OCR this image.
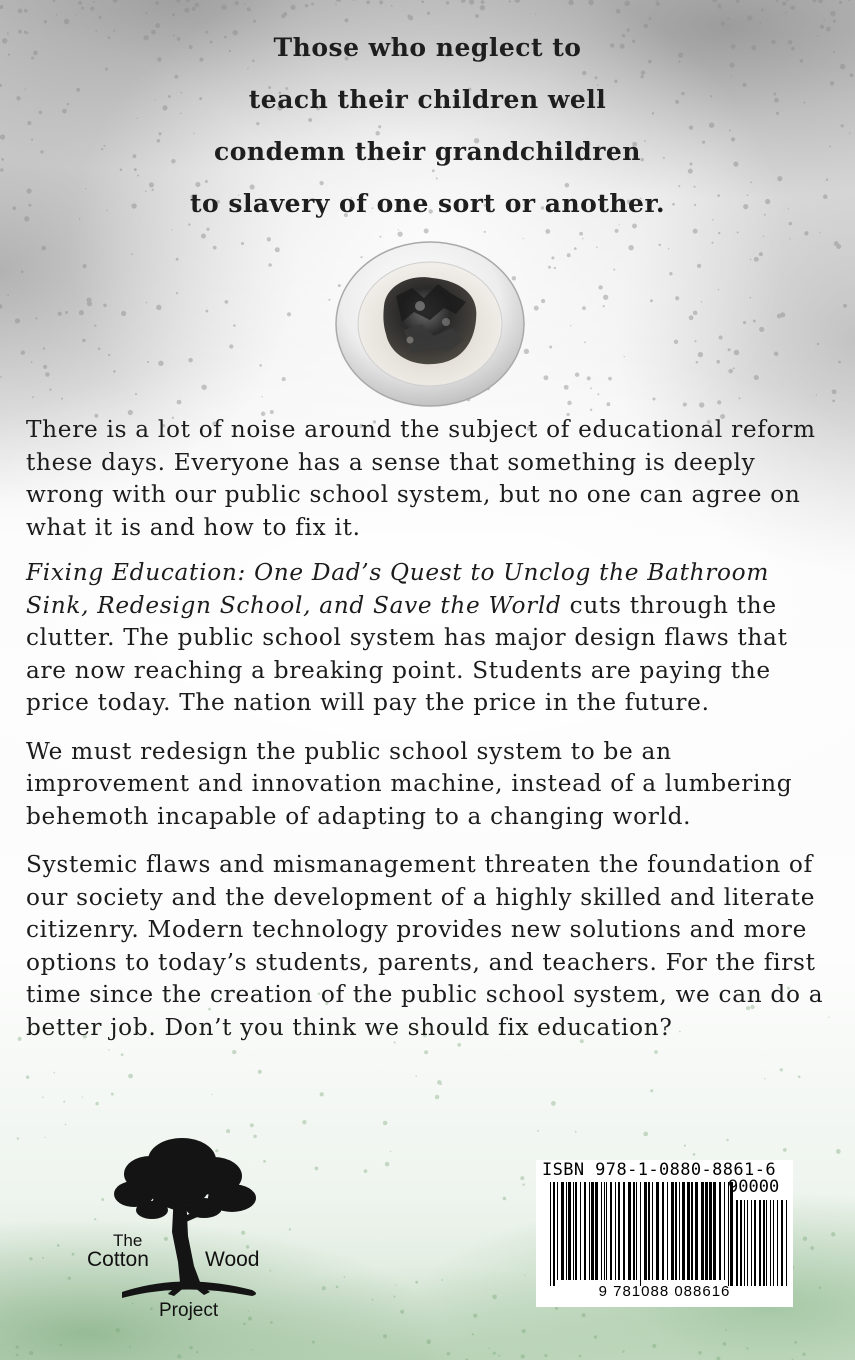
Those who neglect to
teach their children well
condemn their grandchildren
to slavery of one sort or another.

There is a lot of noise around the subject of educational reform these days. Everyone has a sense that something is deeply wrong with our public school system, but no one can agree on what it is and how to fix it.

Fixing Education: One Dad’s Quest to Unclog the Bathroom Sink, Redesign School, and Save the World cuts through the clutter. The public school system has major design flaws that are now reaching a breaking point. Students are paying the price today. The nation will pay the price in the future.

We must redesign the public school system to be an improvement and innovation machine, instead of a lumbering behemoth incapable of adapting to a changing world.

Systemic flaws and mismanagement threaten the foundation of our society and the development of a highly skilled and literate citizenry. Modern technology provides new solutions and more options to today’s students, parents, and teachers. For the first time since the creation of the public school system, we can do a better job. Don’t you think we should fix education?

The
Cotton	Wood
Project
ISBN 978-1-0880-8861-6
90000
9 781088 088616
